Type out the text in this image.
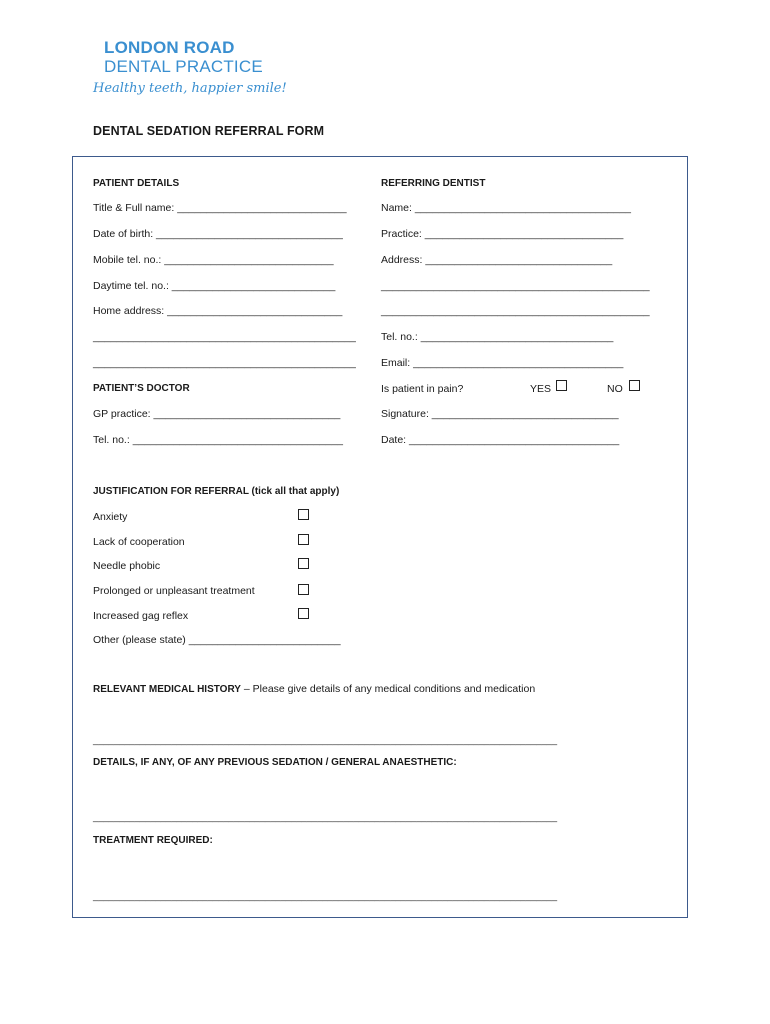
LONDON ROAD
DENTAL PRACTICE
Healthy teeth, happier smile!
DENTAL SEDATION REFERRAL FORM
PATIENT DETAILS
Title & Full name: _____________________________
Date of birth: ________________________________
Mobile tel. no.: _____________________________
Daytime tel. no.: ____________________________
Home address: ______________________________
_____________________________________________
_____________________________________________
PATIENT’S DOCTOR
GP practice: ________________________________
Tel. no.: ____________________________________
REFERRING DENTIST
Name: _____________________________________
Practice: __________________________________
Address: ________________________________
______________________________________________
______________________________________________
Tel. no.: _________________________________
Email: ____________________________________
Is patient in pain?	YES	NO
Signature: ________________________________
Date: ____________________________________
JUSTIFICATION FOR REFERRAL (tick all that apply)
Anxiety
Lack of cooperation
Needle phobic
Prolonged or unpleasant treatment
Increased gag reflex
Other (please state) __________________________
RELEVANT MEDICAL HISTORY – Please give details of any medical conditions and medication
_________________________________________________________________________________________
DETAILS, IF ANY, OF ANY PREVIOUS SEDATION / GENERAL ANAESTHETIC:
_________________________________________________________________________________________
TREATMENT REQUIRED:
_________________________________________________________________________________________
